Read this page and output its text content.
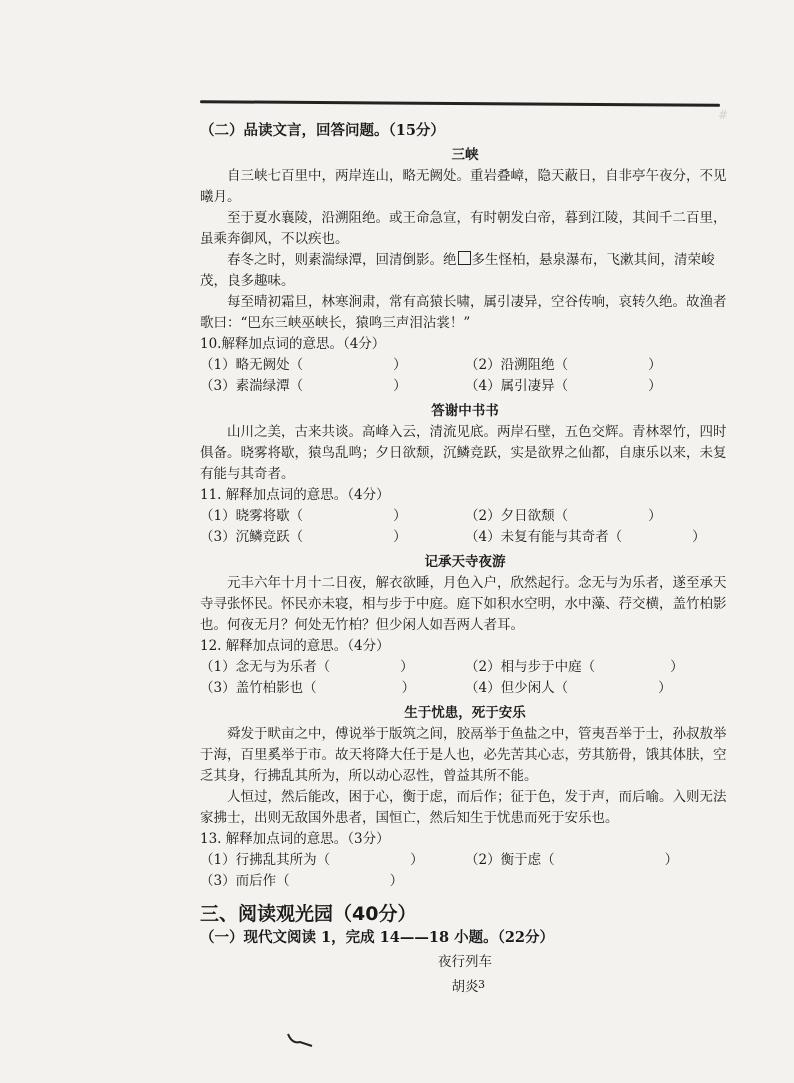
#
（二）品读文言，回答问题。（15分）
三峡

自三峡七百里中，两岸连山，略无阙处。重岩叠嶂，隐天蔽日，自非亭午夜分，不见曦月。

至于夏水襄陵，沿溯阻绝。或王命急宣，有时朝发白帝，暮到江陵，其间千二百里，虽乘奔御风，不以疾也。

春冬之时，则素湍绿潭，回清倒影。绝 多生怪柏，悬泉瀑布，飞漱其间，清荣峻茂，良多趣味。

每至晴初霜旦，林寒涧肃，常有高猿长啸，属引凄异，空谷传响，哀转久绝。故渔者歌曰：“巴东三峡巫峡长，猿鸣三声泪沾裳！”

10.解释加点词的意思。（4分）

（1）略无阙处（	）	（2）沿溯阻绝（	）
（3）素湍绿潭（	）	（4）属引凄异（	）
答谢中书书

山川之美，古来共谈。高峰入云，清流见底。两岸石壁，五色交辉。青林翠竹，四时俱备。晓雾将歇，猿鸟乱鸣；夕日欲颓，沉鳞竞跃，实是欲界之仙都，自康乐以来，未复有能与其奇者。

11. 解释加点词的意思。（4分）

（1）晓雾将歇（	）	（2）夕日欲颓（	）
（3）沉鳞竞跃（	）	（4）未复有能与其奇者（	）
记承天寺夜游

元丰六年十月十二日夜，解衣欲睡，月色入户，欣然起行。念无与为乐者，遂至承天寺寻张怀民。怀民亦未寝，相与步于中庭。庭下如积水空明，水中藻、荇交横，盖竹柏影也。何夜无月？何处无竹柏？但少闲人如吾两人者耳。

12. 解释加点词的意思。（4分）

（1）念无与为乐者（	）	（2）相与步于中庭（	）
（3）盖竹柏影也（	）	（4）但少闲人（	）
生于忧患，死于安乐

舜发于畎亩之中，傅说举于版筑之间，胶鬲举于鱼盐之中，管夷吾举于士，孙叔敖举于海，百里奚举于市。故天将降大任于是人也，必先苦其心志，劳其筋骨，饿其体肤，空乏其身，行拂乱其所为，所以动心忍性，曾益其所不能。

人恒过，然后能改，困于心，衡于虑，而后作；征于色，发于声，而后喻。入则无法家拂士，出则无敌国外患者，国恒亡，然后知生于忧患而死于安乐也。

13. 解释加点词的意思。（3分）

（1）行拂乱其所为（	）	（2）衡于虑（	）
（3）而后作（	）
三、阅读观光园（40分）
（一）现代文阅读 1，完成 14——18 小题。（22分）
夜行列车
胡炎 3
